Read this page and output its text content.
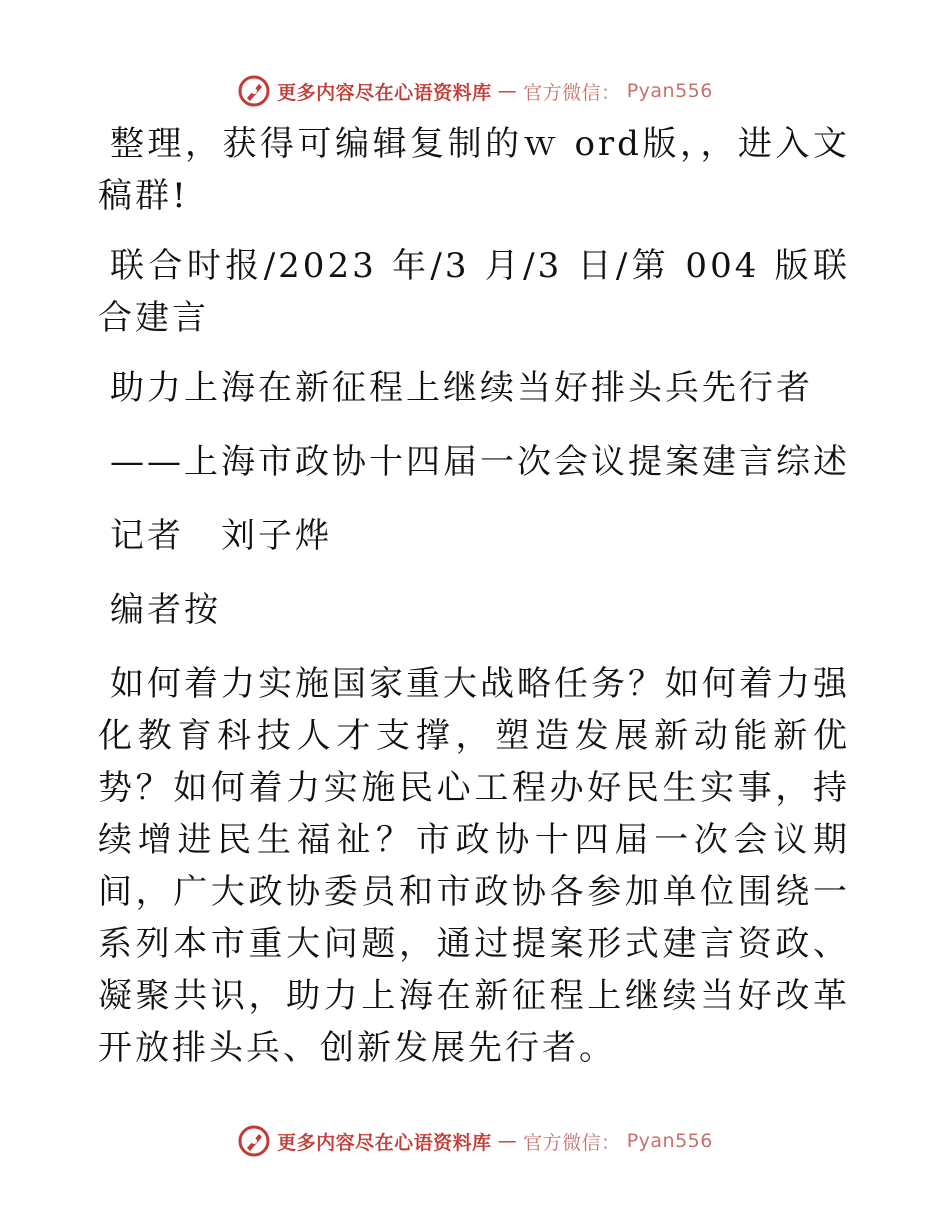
更多内容尽在心语资料库 — 官方微信： Pyan556

整理，获得可编辑复制的ｗ ord版，，进入文稿群!

联合时报/2023 年/3 月/3 日/第 004 版联合建言

助力上海在新征程上继续当好排头兵先行者

——上海市政协十四届一次会议提案建言综述

记者　刘子烨

编者按

如何着力实施国家重大战略任务？如何着力强化教育科技人才支撑，塑造发展新动能新优势？如何着力实施民心工程办好民生实事，持续增进民生福祉？市政协十四届一次会议期间，广大政协委员和市政协各参加单位围绕一系列本市重大问题，通过提案形式建言资政、凝聚共识，助力上海在新征程上继续当好改革开放排头兵、创新发展先行者。

更多内容尽在心语资料库 — 官方微信： Pyan556
